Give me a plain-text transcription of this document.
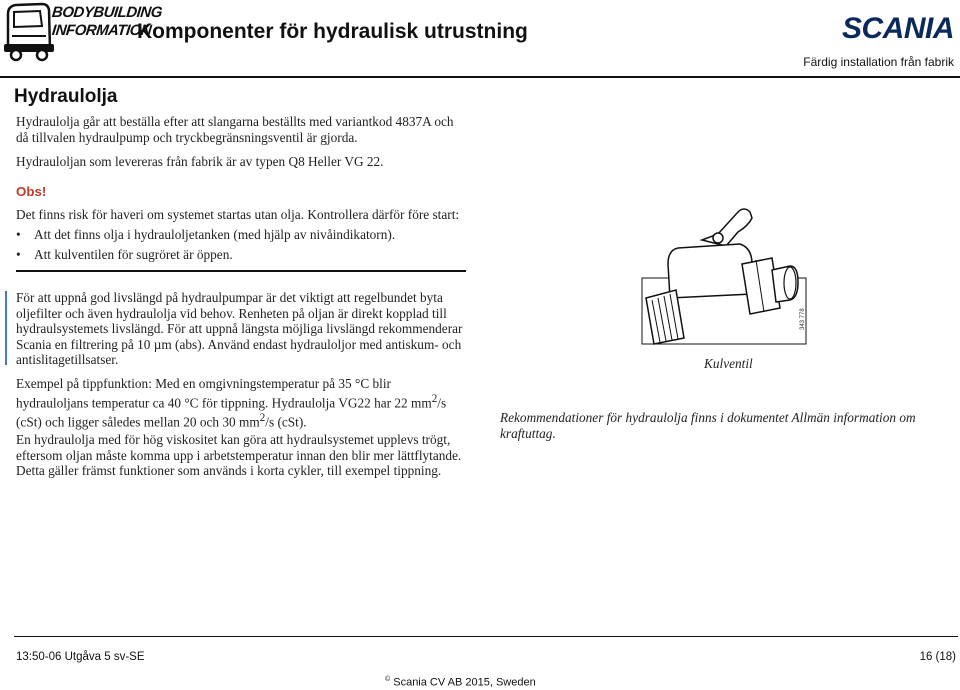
BODYBUILDING
INFORMATION
Komponenter för hydraulisk utrustning	SCANIA
Färdig installation från fabrik
Hydraulolja
Hydraulolja går att beställa efter att slangarna beställts med variantkod 4837A och då tillvalen hydraulpump och tryckbegränsningsventil är gjorda.
Hydrauloljan som levereras från fabrik är av typen Q8 Heller VG 22.
Obs!
Det finns risk för haveri om systemet startas utan olja. Kontrollera därför före start:
• Att det finns olja i hydrauloljetanken (med hjälp av nivåindikatorn).
• Att kulventilen för sugröret är öppen.
För att uppnå god livslängd på hydraulpumpar är det viktigt att regelbundet byta oljefilter och även hydraulolja vid behov. Renheten på oljan är direkt kopplad till hydraulsystemets livslängd. För att uppnå längsta möjliga livslängd rekommenderar Scania en filtrering på 10 µm (abs). Använd endast hydrauloljor med antiskum- och antislitagetillsatser.
Exempel på tippfunktion: Med en omgivningstemperatur på 35 °C blir hydrauloljans temperatur ca 40 °C för tippning. Hydraulolja VG22 har 22 $mm^2/s$ (cSt) och ligger således mellan 20 och 30 $mm^2/s$ (cSt).
En hydraulolja med för hög viskositet kan göra att hydraulsystemet upplevs trögt, eftersom oljan måste komma upp i arbetstemperatur innan den blir mer lättflytande. Detta gäller främst funktioner som används i korta cykler, till exempel tippning.
343 778
Kulventil
Rekommendationer för hydraulolja finns i dokumentet Allmän information om kraftuttag.
13:50-06 Utgåva 5 sv-SE	16 (18)
© Scania CV AB 2015, Sweden
